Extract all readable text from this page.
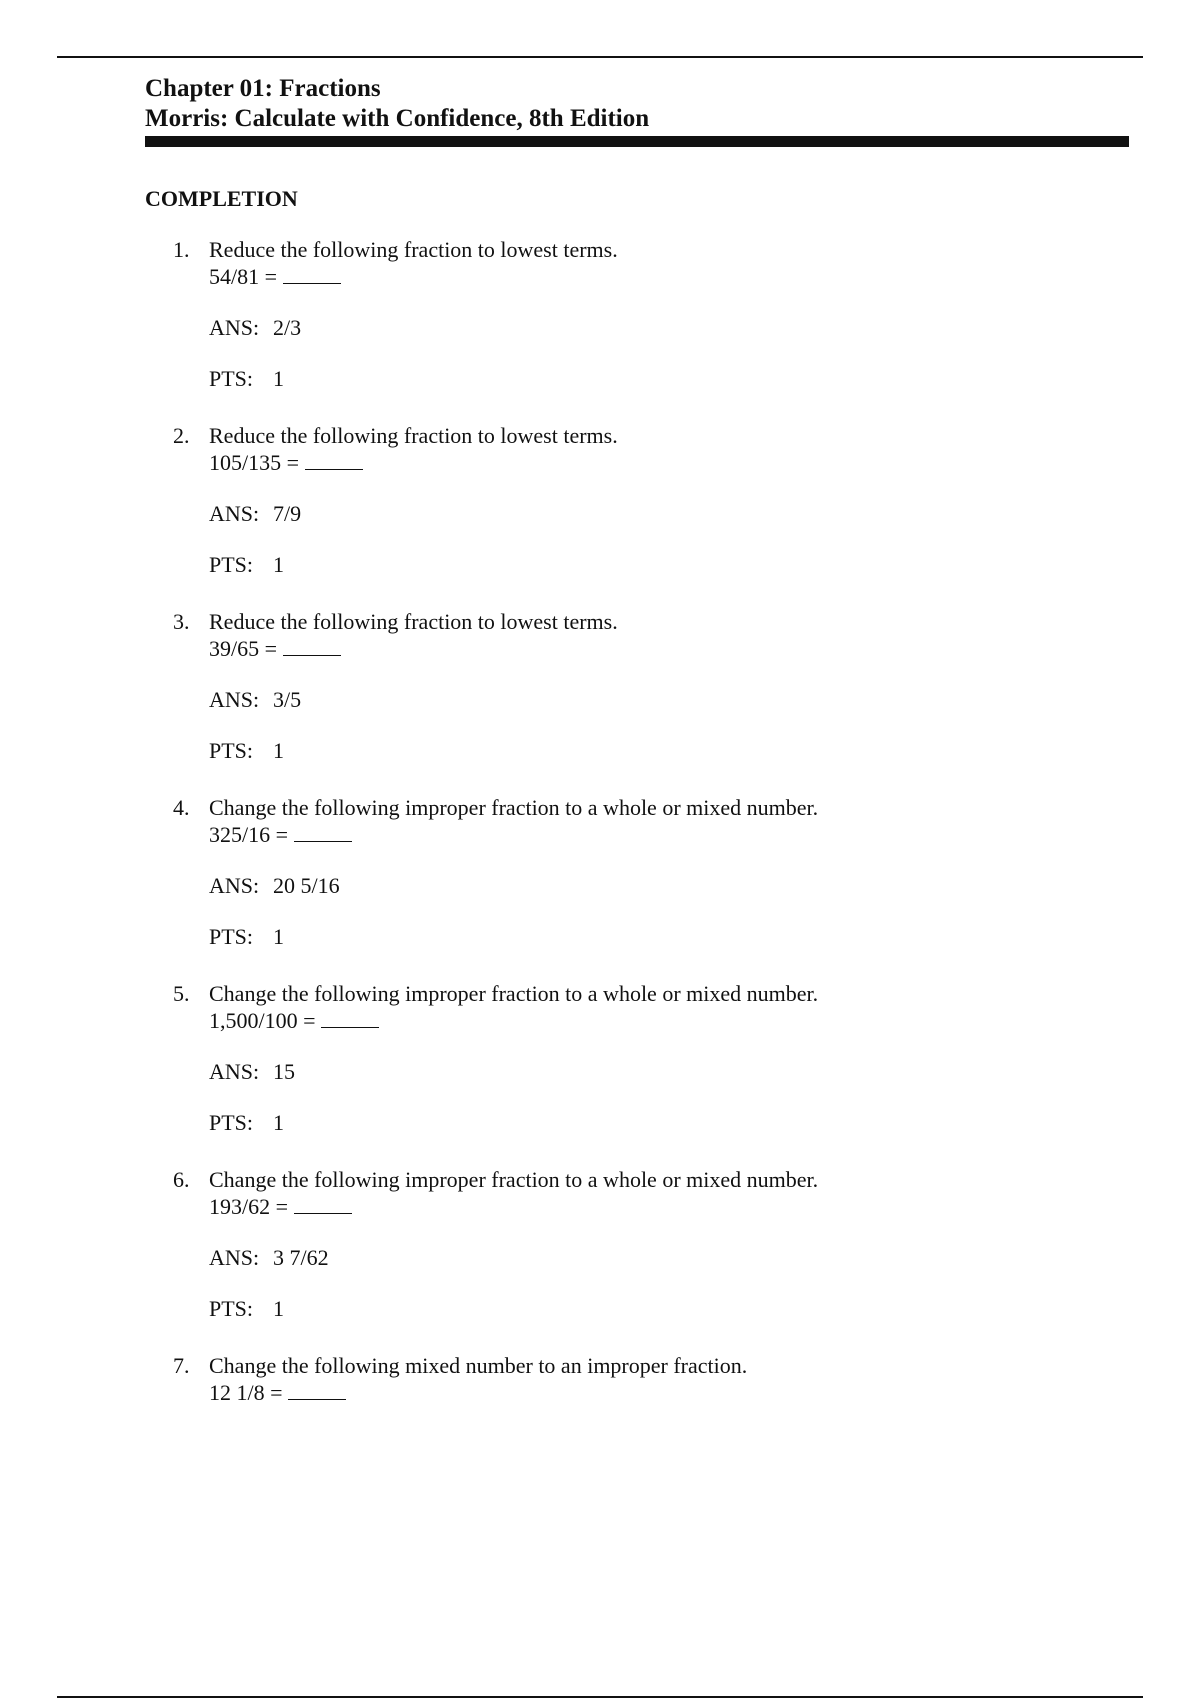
Chapter 01: Fractions
Morris: Calculate with Confidence, 8th Edition
COMPLETION
1. Reduce the following fraction to lowest terms.
54/81 =
ANS: 2/3
PTS: 1
2. Reduce the following fraction to lowest terms.
105/135 =
ANS: 7/9
PTS: 1
3. Reduce the following fraction to lowest terms.
39/65 =
ANS: 3/5
PTS: 1
4. Change the following improper fraction to a whole or mixed number.
325/16 =
ANS: 20 5/16
PTS: 1
5. Change the following improper fraction to a whole or mixed number.
1,500/100 =
ANS: 15
PTS: 1
6. Change the following improper fraction to a whole or mixed number.
193/62 =
ANS: 3 7/62
PTS: 1
7. Change the following mixed number to an improper fraction.
12 1/8 =
